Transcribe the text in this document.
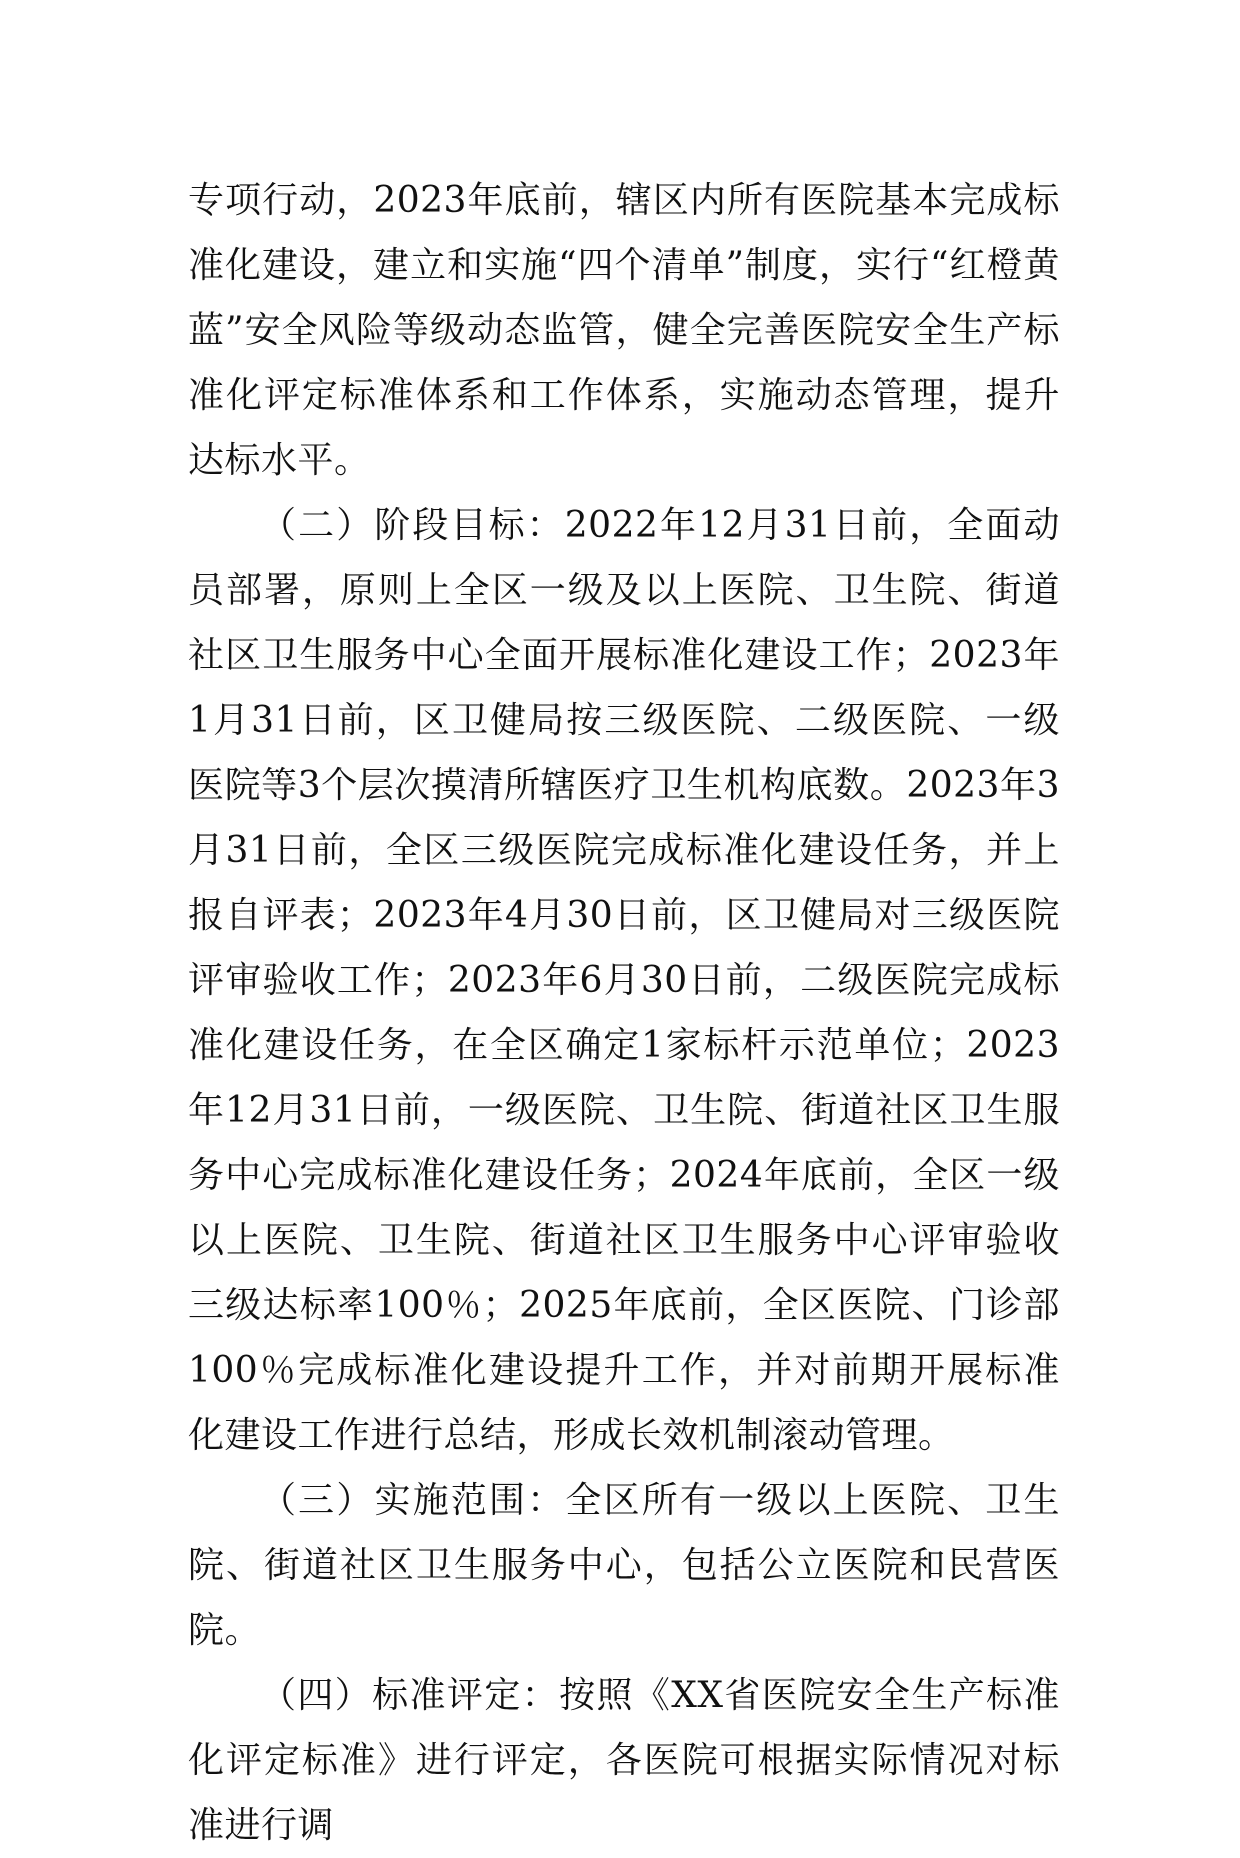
专项行动，2023年底前，辖区内所有医院基本完成标准化建设，建立和实施“四个清单”制度，实行“红橙黄蓝”安全风险等级动态监管，健全完善医院安全生产标准化评定标准体系和工作体系，实施动态管理，提升达标水平。

（二）阶段目标：2022年12月31日前，全面动员部署，原则上全区一级及以上医院、卫生院、街道社区卫生服务中心全面开展标准化建设工作；2023年1月31日前，区卫健局按三级医院、二级医院、一级医院等3个层次摸清所辖医疗卫生机构底数。2023年3月31日前，全区三级医院完成标准化建设任务，并上报自评表；2023年4月30日前，区卫健局对三级医院评审验收工作；2023年6月30日前，二级医院完成标准化建设任务，在全区确定1家标杆示范单位；2023年12月31日前，一级医院、卫生院、街道社区卫生服务中心完成标准化建设任务；2024年底前，全区一级以上医院、卫生院、街道社区卫生服务中心评审验收三级达标率100％；2025年底前，全区医院、门诊部100％完成标准化建设提升工作，并对前期开展标准化建设工作进行总结，形成长效机制滚动管理。

（三）实施范围：全区所有一级以上医院、卫生院、街道社区卫生服务中心，包括公立医院和民营医院。

（四）标准评定：按照《XX省医院安全生产标准化评定标准》进行评定，各医院可根据实际情况对标准进行调
